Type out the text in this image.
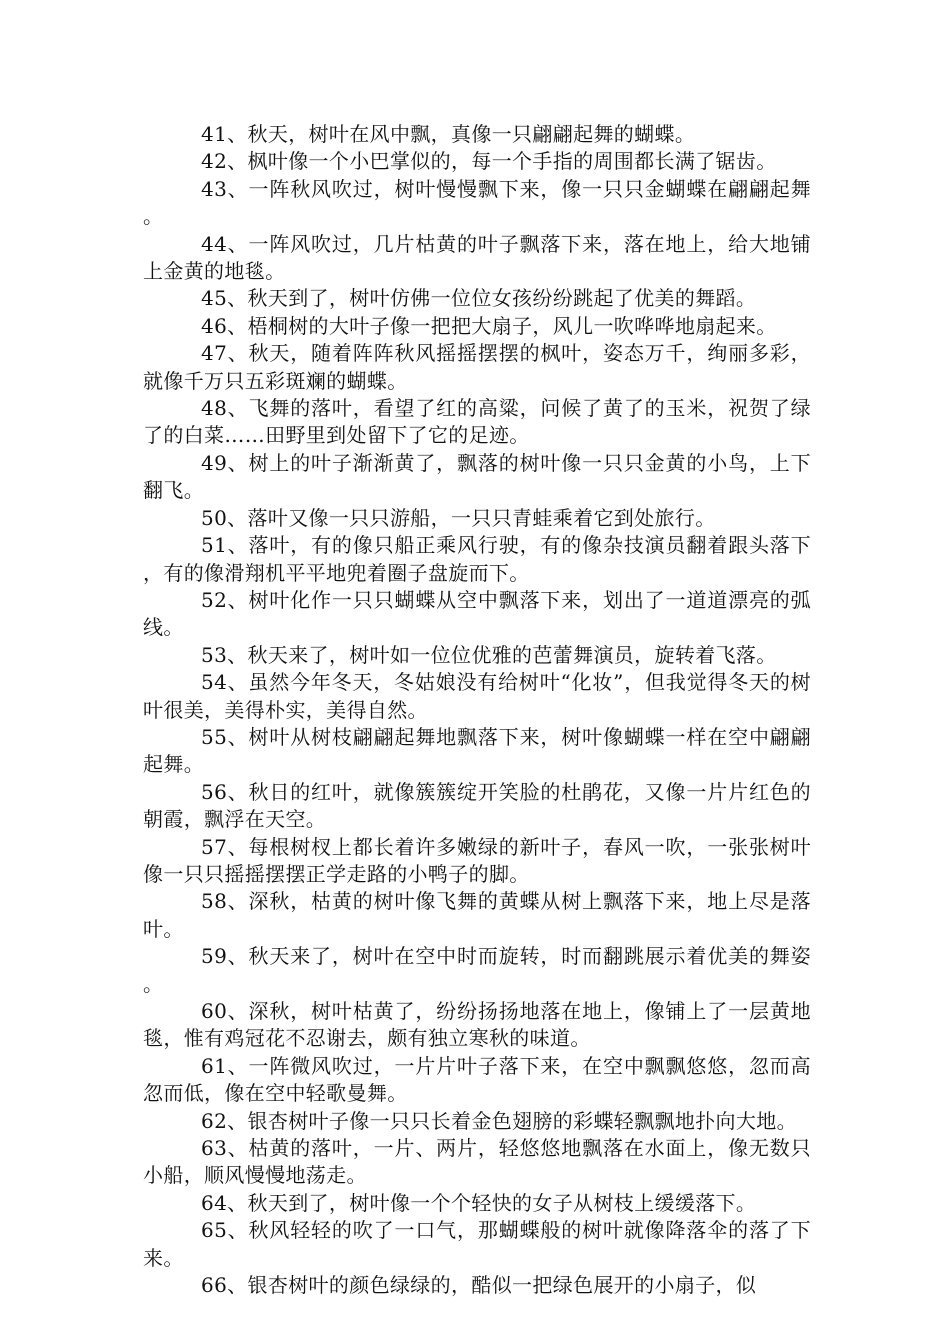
41、秋天，树叶在风中飘，真像一只翩翩起舞的蝴蝶。

42、枫叶像一个小巴掌似的，每一个手指的周围都长满了锯齿。

43、一阵秋风吹过，树叶慢慢飘下来，像一只只金蝴蝶在翩翩起舞。

44、一阵风吹过，几片枯黄的叶子飘落下来，落在地上，给大地铺上金黄的地毯。

45、秋天到了，树叶仿佛一位位女孩纷纷跳起了优美的舞蹈。

46、梧桐树的大叶子像一把把大扇子，风儿一吹哗哗地扇起来。

47、秋天，随着阵阵秋风摇摇摆摆的枫叶，姿态万千，绚丽多彩，就像千万只五彩斑斓的蝴蝶。

48、飞舞的落叶，看望了红的高粱，问候了黄了的玉米，祝贺了绿了的白菜……田野里到处留下了它的足迹。

49、树上的叶子渐渐黄了，飘落的树叶像一只只金黄的小鸟，上下翻飞。

50、落叶又像一只只游船，一只只青蛙乘着它到处旅行。

51、落叶，有的像只船正乘风行驶，有的像杂技演员翻着跟头落下，有的像滑翔机平平地兜着圈子盘旋而下。

52、树叶化作一只只蝴蝶从空中飘落下来，划出了一道道漂亮的弧线。

53、秋天来了，树叶如一位位优雅的芭蕾舞演员，旋转着飞落。

54、虽然今年冬天，冬姑娘没有给树叶“化妆”，但我觉得冬天的树叶很美，美得朴实，美得自然。

55、树叶从树枝翩翩起舞地飘落下来，树叶像蝴蝶一样在空中翩翩起舞。

56、秋日的红叶，就像簇簇绽开笑脸的杜鹃花，又像一片片红色的朝霞，飘浮在天空。

57、每根树杈上都长着许多嫩绿的新叶子，春风一吹，一张张树叶像一只只摇摇摆摆正学走路的小鸭子的脚。

58、深秋，枯黄的树叶像飞舞的黄蝶从树上飘落下来，地上尽是落叶。

59、秋天来了，树叶在空中时而旋转，时而翻跳展示着优美的舞姿。

60、深秋，树叶枯黄了，纷纷扬扬地落在地上，像铺上了一层黄地毯，惟有鸡冠花不忍谢去，颇有独立寒秋的味道。

61、一阵微风吹过，一片片叶子落下来，在空中飘飘悠悠，忽而高忽而低，像在空中轻歌曼舞。

62、银杏树叶子像一只只长着金色翅膀的彩蝶轻飘飘地扑向大地。

63、枯黄的落叶，一片、两片，轻悠悠地飘落在水面上，像无数只小船，顺风慢慢地荡走。

64、秋天到了，树叶像一个个轻快的女子从树枝上缓缓落下。

65、秋风轻轻的吹了一口气，那蝴蝶般的树叶就像降落伞的落了下来。

66、银杏树叶的颜色绿绿的，酷似一把绿色展开的小扇子，似
